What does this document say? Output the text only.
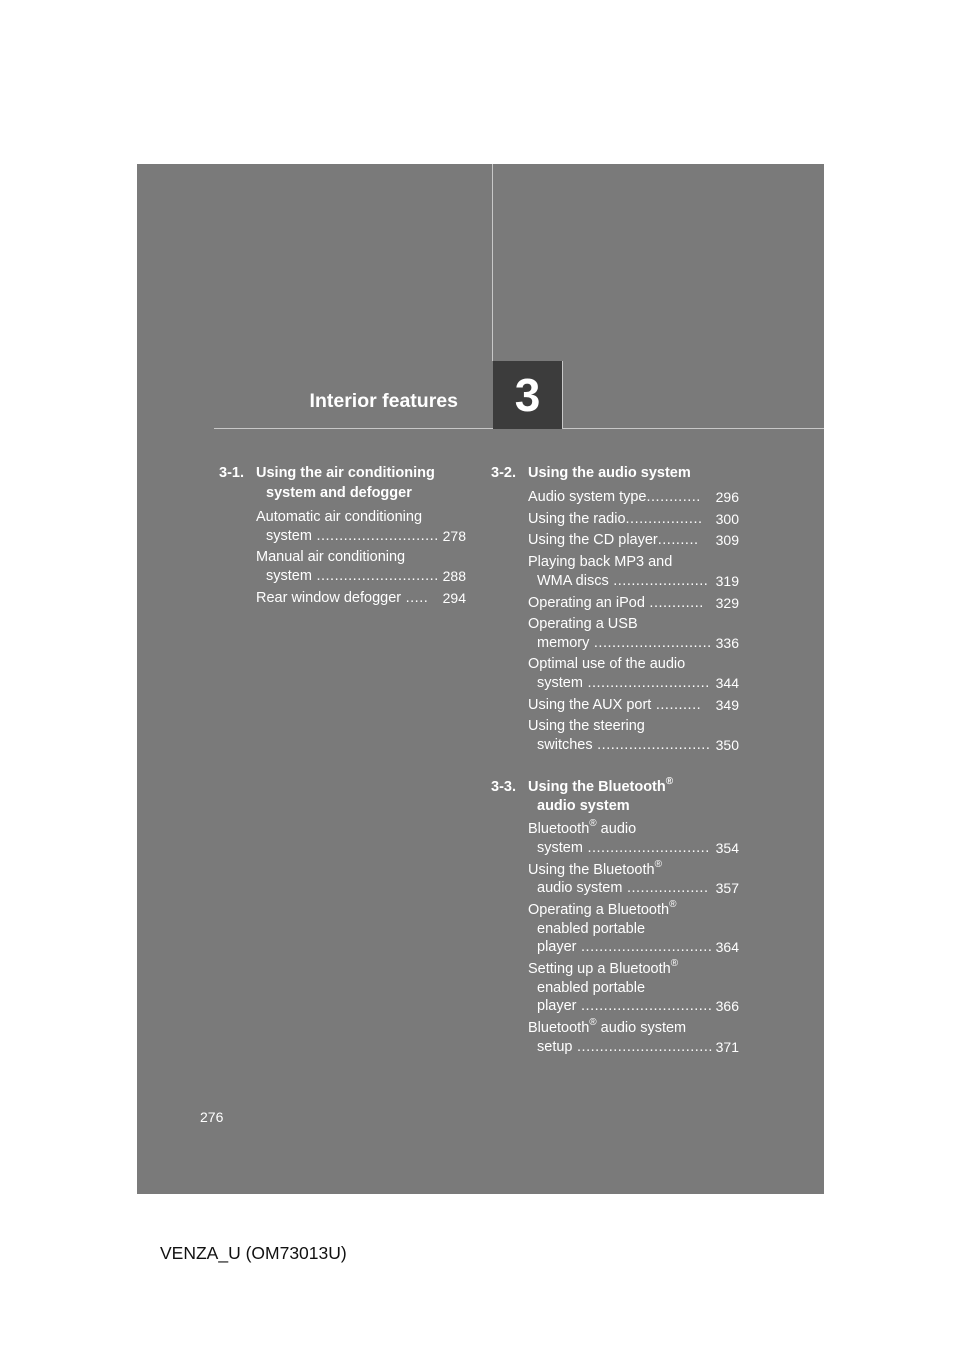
Interior features	3
3-1. Using the air conditioning
system and defogger
Automatic air conditioning
system ........................... 278
Manual air conditioning
system ........................... 288
Rear window defogger .....	294
3-2. Using the audio system
Audio system type............	296
Using the radio................. 300
Using the CD player.........	309
Playing back MP3 and
WMA discs ..................... 319
Operating an iPod ............ 329
Operating a USB
memory .......................... 336
Optimal use of the audio
system ........................... 344
Using the AUX port ..........	349
Using the steering
switches ......................... 350
3-3. Using the Bluetooth®
audio system
Bluetooth® audio
system ........................... 354
Using the Bluetooth®
audio system .................. 357
Operating a Bluetooth®
enabled portable
player ............................. 364
Setting up a Bluetooth®
enabled portable
player ............................. 366
Bluetooth® audio system
setup .............................. 371
276
VENZA_U (OM73013U)
